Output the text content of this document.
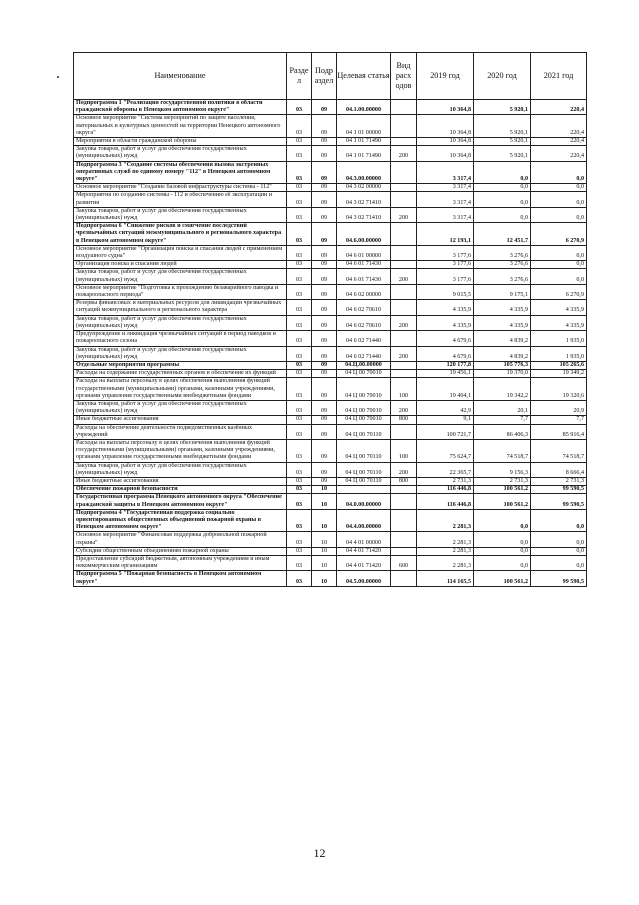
Наименование	Разде л	Подр аздел	Целевая статья	Вид расх одов	2019 год	2020 год	2021 год
Подпрограмма 1 "Реализация государственной политики в области гражданской обороны в Ненецком автономном округе"	03	09	04.1.00.00000		10 364,8	5 920,1	220,4
Основное мероприятие "Система мероприятий по защите населения, материальных и культурных ценностей на территории Ненецкого автономного округа"	03	09	04 1 01 00000		10 364,8	5 920,1	220,4
Мероприятия в области гражданской обороны	03	09	04 1 01 71490		10 364,8	5 920,1	220,4
Закупка товаров, работ и услуг для обеспечения государственных (муниципальных) нужд	03	09	04 1 01 71490	200	10 364,8	5 920,1	220,4
Подпрограмма 3 "Создание системы обеспечения вызова экстренных оперативных служб по единому номеру "112" в Ненецком автономном округе"	03	09	04.3.00.00000		3 317,4	0,0	0,0
Основное мероприятие "Создание базовой инфраструктуры системы - 112"	03	09	04 3 02 00000		3 317,4	0,0	0,0
Мероприятия по созданию системы - 112 и обеспечению её эксплуатации и развития	03	09	04 3 02 71410		3 317,4	0,0	0,0
Закупка товаров, работ и услуг для обеспечения государственных (муниципальных) нужд	03	09	04 3 02 71410	200	3 317,4	0,0	0,0
Подпрограмма 6 "Снижение рисков и смягчение последствий чрезвычайных ситуаций межмуниципального и регионального характера в Ненецком автономном округе"	03	09	04.6.00.00000		12 193,1	12 451,7	6 270,9
Основное мероприятие "Организация поиска и спасания людей с применением воздушного судна"	03	09	04 6 01 00000		3 177,6	3 276,6	0,0
Организация поиска и спасания людей	03	09	04 6 01 71430		3 177,6	3 276,6	0,0
Закупка товаров, работ и услуг для обеспечения государственных (муниципальных) нужд	03	09	04 6 01 71430	200	3 177,6	3 276,6	0,0
Основное мероприятие "Подготовка к прохождению безаварийного паводка и пожароопасного периода"	03	09	04 6 02 00000		9 015,5	9 175,1	6 270,9
Резервы финансовых и материальных ресурсов для ликвидации чрезвычайных ситуаций межмуниципального и регионального характера	03	09	04 6 02 70610		4 335,9	4 335,9	4 335,9
Закупка товаров, работ и услуг для обеспечения государственных (муниципальных) нужд	03	09	04 6 02 70610	200	4 335,9	4 335,9	4 335,9
Предупреждение и ликвидация чрезвычайных ситуаций в период паводков и пожароопасного сезона	03	09	04 6 02 71440		4 679,6	4 839,2	1 935,0
Закупка товаров, работ и услуг для обеспечения государственных (муниципальных) нужд	03	09	04 6 02 71440	200	4 679,6	4 839,2	1 935,0
Отдельные мероприятия программы	03	09	04.Ц.00.00000		120 177,8	105 776,3	105 265,6
Расходы на содержание государственных органов и обеспечение их функций	03	09	04 Ц 00 70010		19 456,1	19 370,0	19 349,2
Расходы на выплаты персоналу в целях обеспечения выполнения функций государственными (муниципальными) органами, казенными учреждениями, органами управления государственными внебюджетными фондами	03	09	04 Ц 00 70010	100	19 404,1	19 342,2	19 320,6
Закупка товаров, работ и услуг для обеспечения государственных (муниципальных) нужд	03	09	04 Ц 00 70010	200	42,9	20,1	20,9
Иные бюджетные ассигнования	03	09	04 Ц 00 70010	800	9,1	7,7	7,7
Расходы на обеспечение деятельности подведомственных казённых учреждений	03	09	04 Ц 00 70110		100 721,7	86 406,3	85 916,4
Расходы на выплаты персоналу в целях обеспечения выполнения функций государственными (муниципальными) органами, казенными учреждениями, органами управления государственными внебюджетными фондами	03	09	04 Ц 00 70110	100	75 624,7	74 518,7	74 518,7
Закупка товаров, работ и услуг для обеспечения государственных (муниципальных) нужд	03	09	04 Ц 00 70110	200	22 365,7	9 156,3	8 666,4
Иные бюджетные ассигнования	03	09	04 Ц 00 70110	800	2 731,3	2 731,3	2 731,3
Обеспечение пожарной безопасности	03	10			116 446,8	100 561,2	99 590,5
Государственная программа Ненецкого автономного округа "Обеспечение гражданской защиты в Ненецком автономном округе"	03	10	04.0.00.00000		116 446,8	100 561,2	99 590,5
Подпрограмма 4 "Государственная поддержка социально ориентированных общественных объединений пожарной охраны в Ненецком автономном округе"	03	10	04.4.00.00000		2 281,3	0,0	0,0
Основное мероприятие "Финансовая поддержка добровольной пожарной охраны"	03	10	04 4 01 00000		2 281,3	0,0	0,0
Субсидии общественным объединениям пожарной охраны	03	10	04 4 01 71420		2 281,3	0,0	0,0
Предоставление субсидий бюджетным, автономным учреждениям и иным некоммерческим организациям	03	10	04 4 01 71420	600	2 281,3	0,0	0,0
Подпрограмма 5 "Пожарная безопасность в Ненецком автономном округе"	03	10	04.5.00.00000		114 165,5	100 561,2	99 590,5
12
